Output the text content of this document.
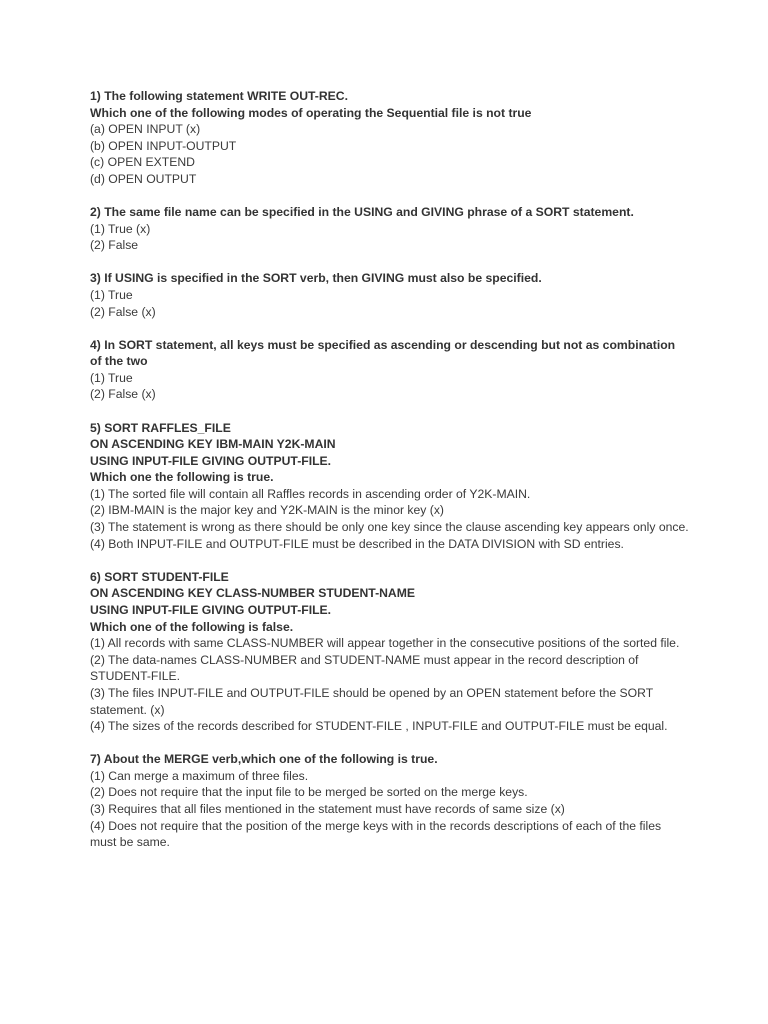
1) The following statement WRITE OUT-REC.
Which one of the following modes of operating the Sequential file is not true
(a) OPEN INPUT (x)
(b) OPEN INPUT-OUTPUT
(c) OPEN EXTEND
(d) OPEN OUTPUT
2) The same file name can be specified in the USING and GIVING phrase of a SORT statement.
(1) True (x)
(2) False
3) If USING is specified in the SORT verb, then GIVING must also be specified.
(1) True
(2) False (x)
4) In SORT statement, all keys must be specified as ascending or descending but not as combination of the two
(1) True
(2) False (x)
5) SORT RAFFLES_FILE
ON ASCENDING KEY IBM-MAIN Y2K-MAIN
USING INPUT-FILE GIVING OUTPUT-FILE.
Which one the following is true.
(1) The sorted file will contain all Raffles records in ascending order of Y2K-MAIN.
(2) IBM-MAIN is the major key and Y2K-MAIN is the minor key (x)
(3) The statement is wrong as there should be only one key since the clause ascending key appears only once.
(4) Both INPUT-FILE and OUTPUT-FILE must be described in the DATA DIVISION with SD entries.
6) SORT STUDENT-FILE
ON ASCENDING KEY CLASS-NUMBER STUDENT-NAME
USING INPUT-FILE GIVING OUTPUT-FILE.
Which one of the following is false.
(1) All records with same CLASS-NUMBER will appear together in the consecutive positions of the sorted file.
(2) The data-names CLASS-NUMBER and STUDENT-NAME must appear in the record description of STUDENT-FILE.
(3) The files INPUT-FILE and OUTPUT-FILE should be opened by an OPEN statement before the SORT statement. (x)
(4) The sizes of the records described for STUDENT-FILE , INPUT-FILE and OUTPUT-FILE must be equal.
7) About the MERGE verb,which one of the following is true.
(1) Can merge a maximum of three files.
(2) Does not require that the input file to be merged be sorted on the merge keys.
(3) Requires that all files mentioned in the statement must have records of same size (x)
(4) Does not require that the position of the merge keys with in the records descriptions of each of the files must be same.
